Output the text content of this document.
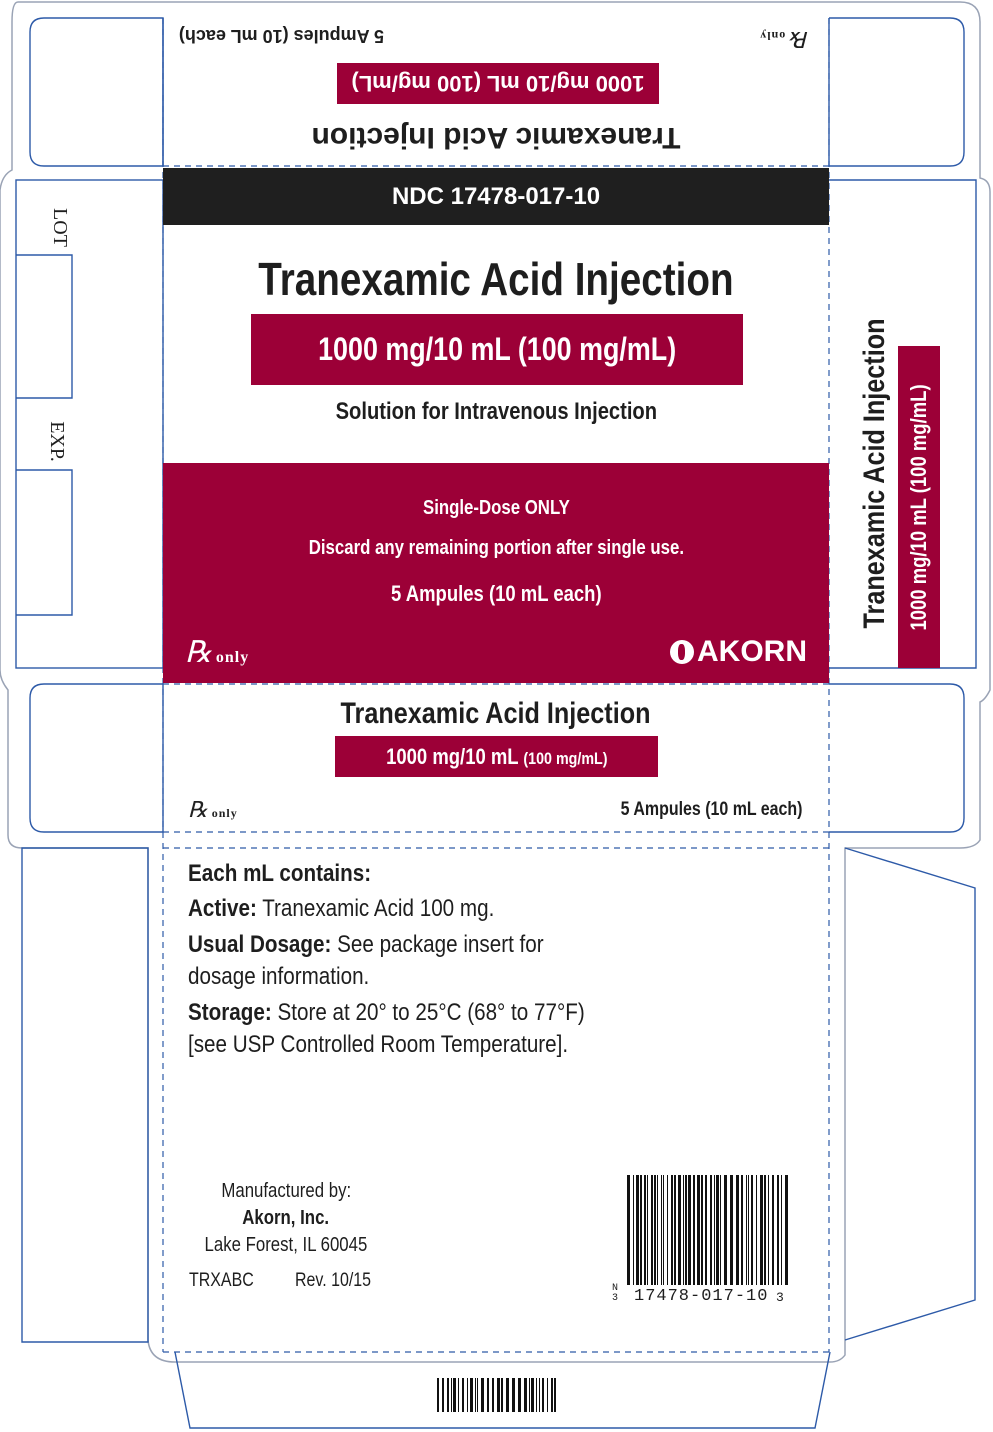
5 Ampules (10 mL each)	℞ only
1000 mg/10 mL (100 mg/mL)
Tranexamic Acid Injection
NDC 17478-017-10
Tranexamic Acid Injection
1000 mg/10 mL (100 mg/mL)
Solution for Intravenous Injection
Single-Dose ONLY
Discard any remaining portion after single use.
5 Ampules (10 mL each)
℞ only	AKORN
LOT
EXP.	Tranexamic Acid Injection 1000 mg/10 mL (100 mg/mL)
Tranexamic Acid Injection
1000 mg/10 mL (100 mg/mL)
℞ only	5 Ampules (10 mL each)

Each mL contains:

Active: Tranexamic Acid 100 mg.

Usual Dosage: See package insert for
dosage information.

Storage: Store at 20° to 25°C (68° to 77°F)
[see USP Controlled Room Temperature].

Manufactured by:
Akorn, Inc.
Lake Forest, IL 60045
TRXABC	Rev. 10/15	N
3 17478-017-10 3
